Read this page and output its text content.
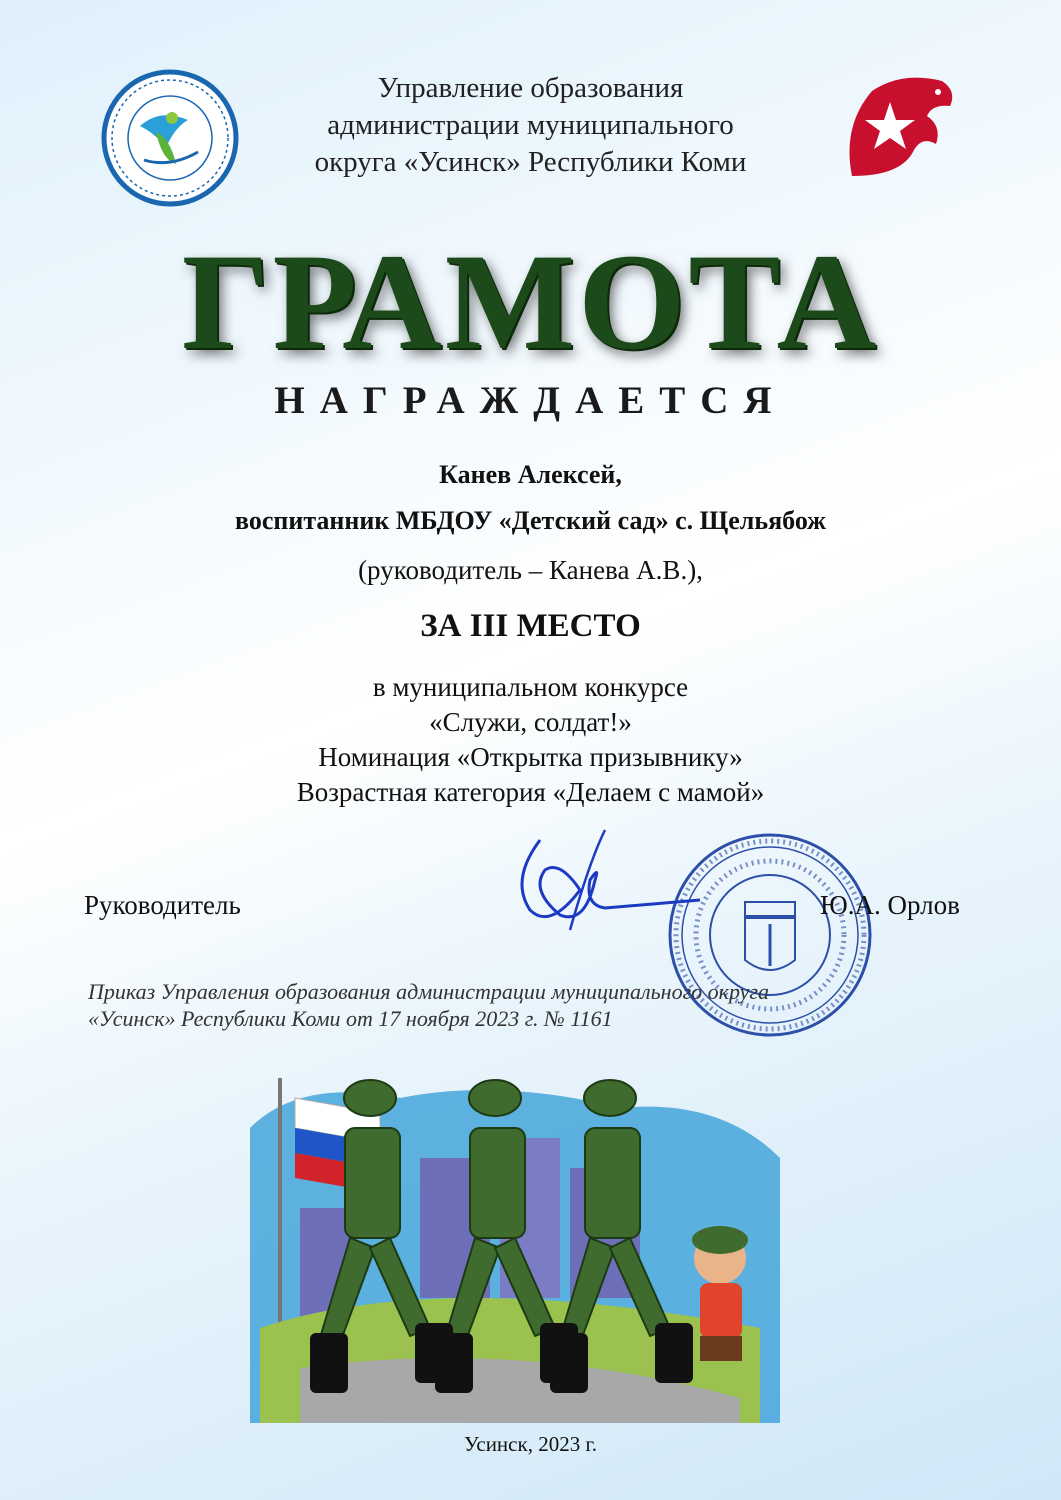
Управление образования
администрации муниципального
округа «Усинск» Республики Коми
ГРАМОТА
НАГРАЖДАЕТСЯ
Канев Алексей,
воспитанник МБДОУ «Детский сад» с. Щельябож
(руководитель – Канева А.В.),
ЗА III МЕСТО
в муниципальном конкурсе
«Служи, солдат!»
Номинация «Открытка призывнику»
Возрастная категория «Делаем с мамой»
Руководитель	Ю.А. Орлов
Приказ Управления образования администрации муниципального округа
«Усинск» Республики Коми от 17 ноября 2023 г. № 1161
Усинск, 2023 г.
